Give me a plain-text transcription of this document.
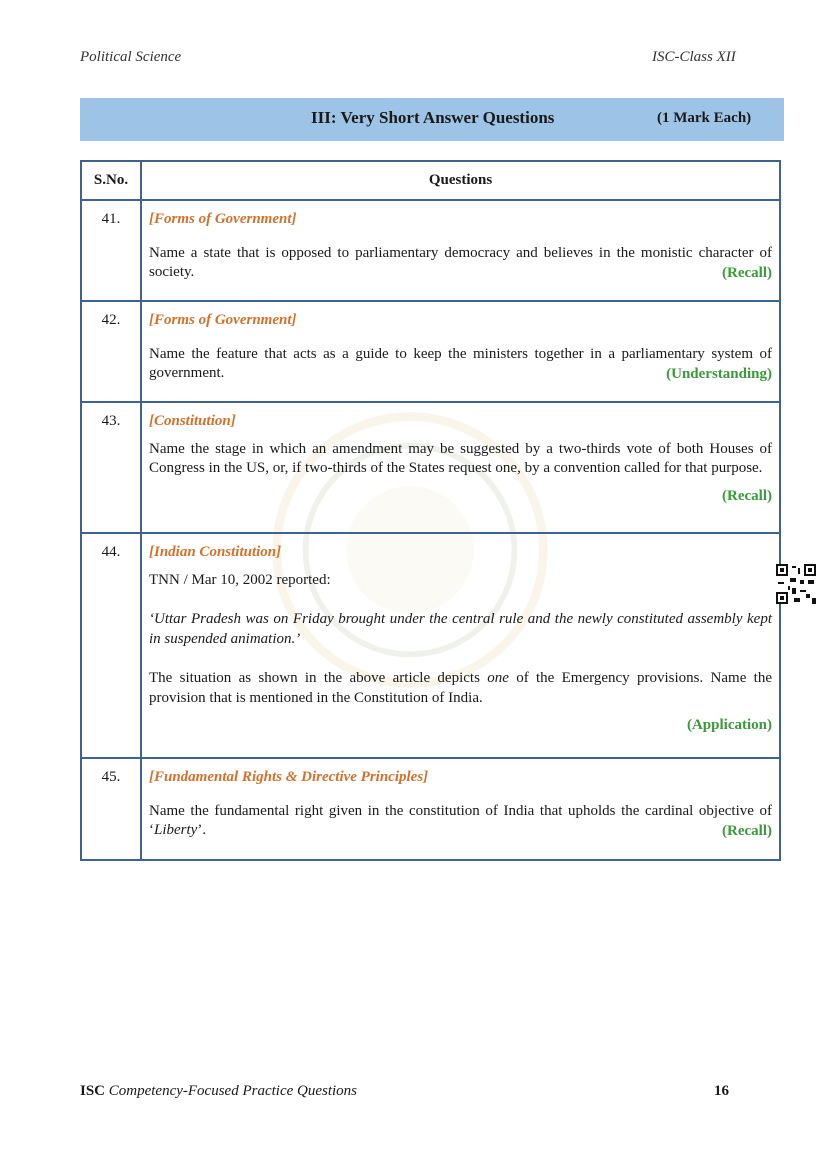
Political Science	ISC-Class XII
III: Very Short Answer Questions	(1 Mark Each)
S.No.	Questions
41.	[Forms of Government]
Name a state that is opposed to parliamentary democracy and believes in the monistic character of society. (Recall)

42.	[Forms of Government]
Name the feature that acts as a guide to keep the ministers together in a parliamentary system of government. (Understanding)

43.	[Constitution]
Name the stage in which an amendment may be suggested by a two-thirds vote of both Houses of Congress in the US, or, if two-thirds of the States request one, by a convention called for that purpose.
(Recall)

44.	[Indian Constitution]
TNN / Mar 10, 2002 reported:
‘Uttar Pradesh was on Friday brought under the central rule and the newly constituted assembly kept in suspended animation.’
The situation as shown in the above article depicts one of the Emergency provisions. Name the provision that is mentioned in the Constitution of India.
(Application)

45.	[Fundamental Rights & Directive Principles]
Name the fundamental right given in the constitution of India that upholds the cardinal objective of ‘Liberty’. (Recall)
ISC Competency-Focused Practice Questions	16
